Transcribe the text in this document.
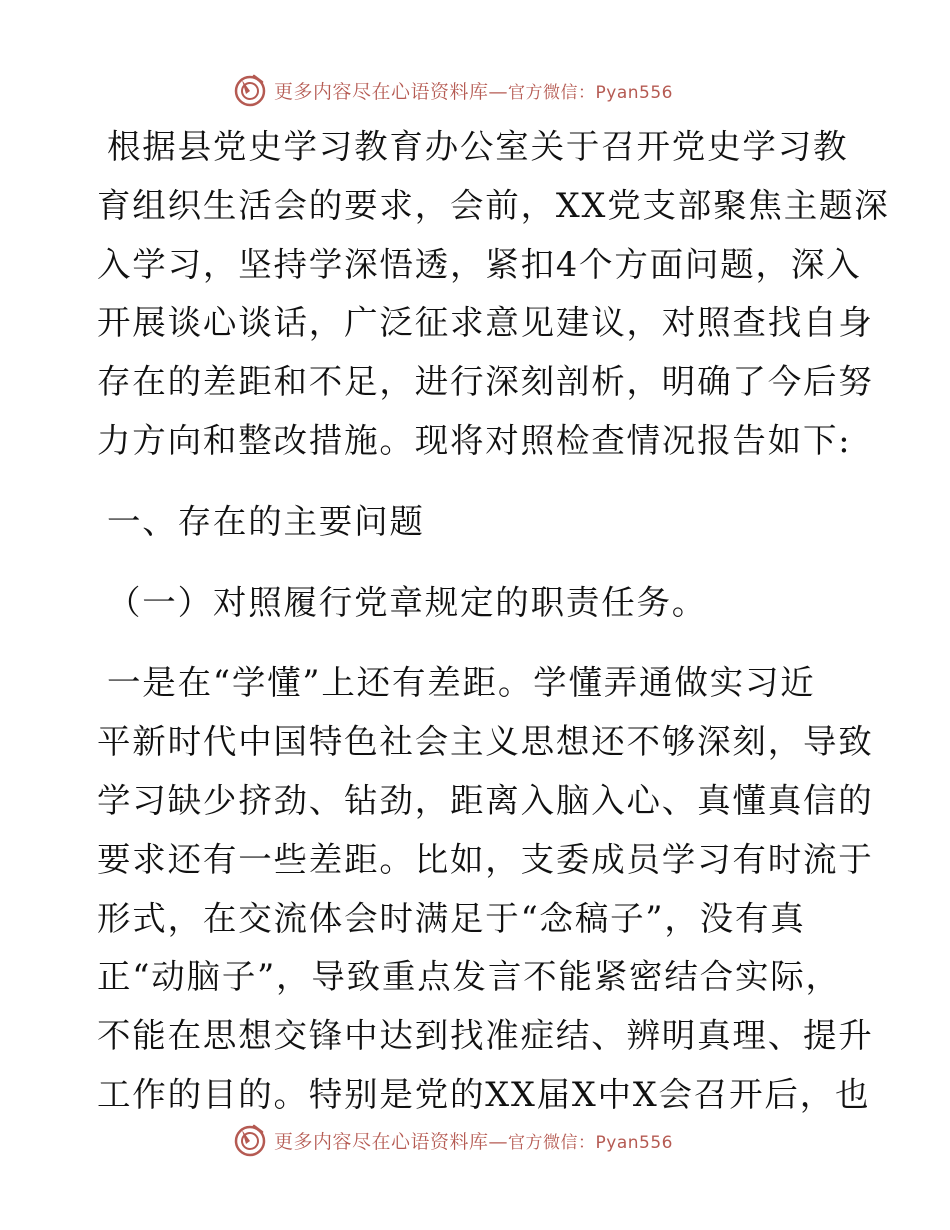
更多内容尽在心语资料库—官方微信：Pyan556
根据县党史学习教育办公室关于召开党史学习教
育组织生活会的要求，会前，XX党支部聚焦主题深
入学习，坚持学深悟透，紧扣4个方面问题，深入
开展谈心谈话，广泛征求意见建议，对照查找自身
存在的差距和不足，进行深刻剖析，明确了今后努
力方向和整改措施。现将对照检查情况报告如下:
一、存在的主要问题
（一）对照履行党章规定的职责任务。
一是在“学懂”上还有差距。学懂弄通做实习近
平新时代中国特色社会主义思想还不够深刻，导致
学习缺少挤劲、钻劲，距离入脑入心、真懂真信的
要求还有一些差距。比如，支委成员学习有时流于
形式，在交流体会时满足于“念稿子”，没有真
正“动脑子”，导致重点发言不能紧密结合实际，
不能在思想交锋中达到找准症结、辨明真理、提升
工作的目的。特别是党的XX届X中X会召开后，也
更多内容尽在心语资料库—官方微信：Pyan556
